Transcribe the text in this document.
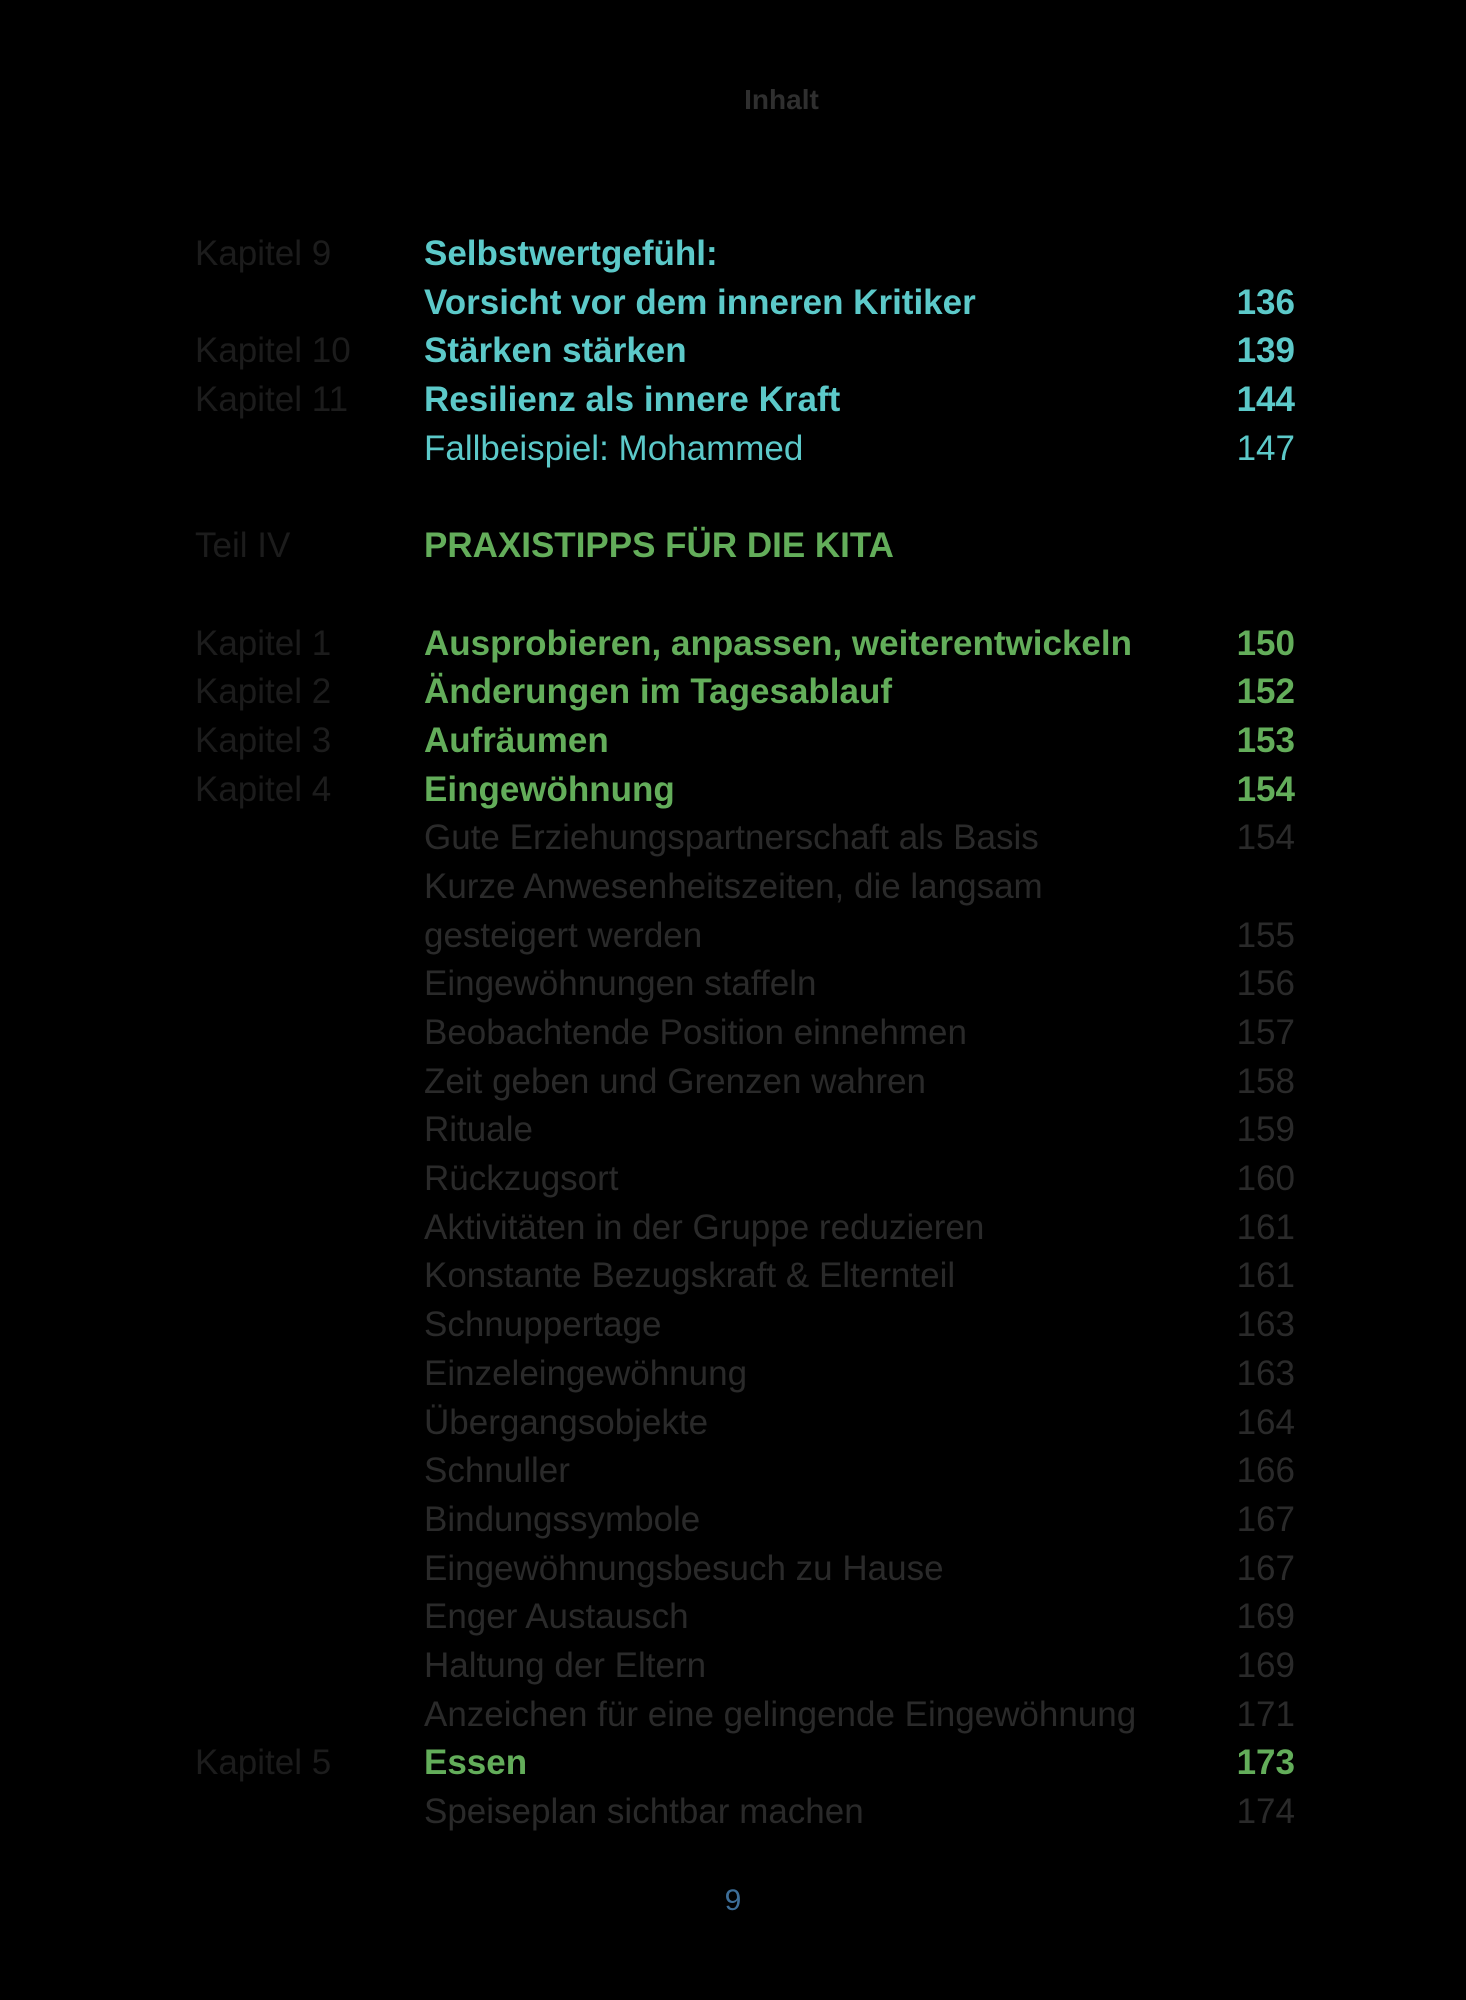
Inhalt
Kapitel 9	Selbstwertgefühl:
Vorsicht vor dem inneren Kritiker	136
Kapitel 10 Stärken stärken	139
Kapitel 11 Resilienz als innere Kraft	144
Fallbeispiel: Mohammed	147
Teil IV	PRAXISTIPPS FÜR DIE KITA
Kapitel 1	Ausprobieren, anpassen, weiterentwickeln	150
Kapitel 2	Änderungen im Tagesablauf	152
Kapitel 3	Aufräumen	153
Kapitel 4	Eingewöhnung	154
Gute Erziehungspartnerschaft als Basis	154
Kurze Anwesenheitszeiten, die langsam
gesteigert werden	155
Eingewöhnungen staffeln	156
Beobachtende Position einnehmen	157
Zeit geben und Grenzen wahren	158
Rituale	159
Rückzugsort	160
Aktivitäten in der Gruppe reduzieren	161
Konstante Bezugskraft & Elternteil	161
Schnuppertage	163
Einzeleingewöhnung	163
Übergangsobjekte	164
Schnuller	166
Bindungssymbole	167
Eingewöhnungsbesuch zu Hause	167
Enger Austausch	169
Haltung der Eltern	169
Anzeichen für eine gelingende Eingewöhnung	171
Kapitel 5	Essen	173
Speiseplan sichtbar machen	174
9
